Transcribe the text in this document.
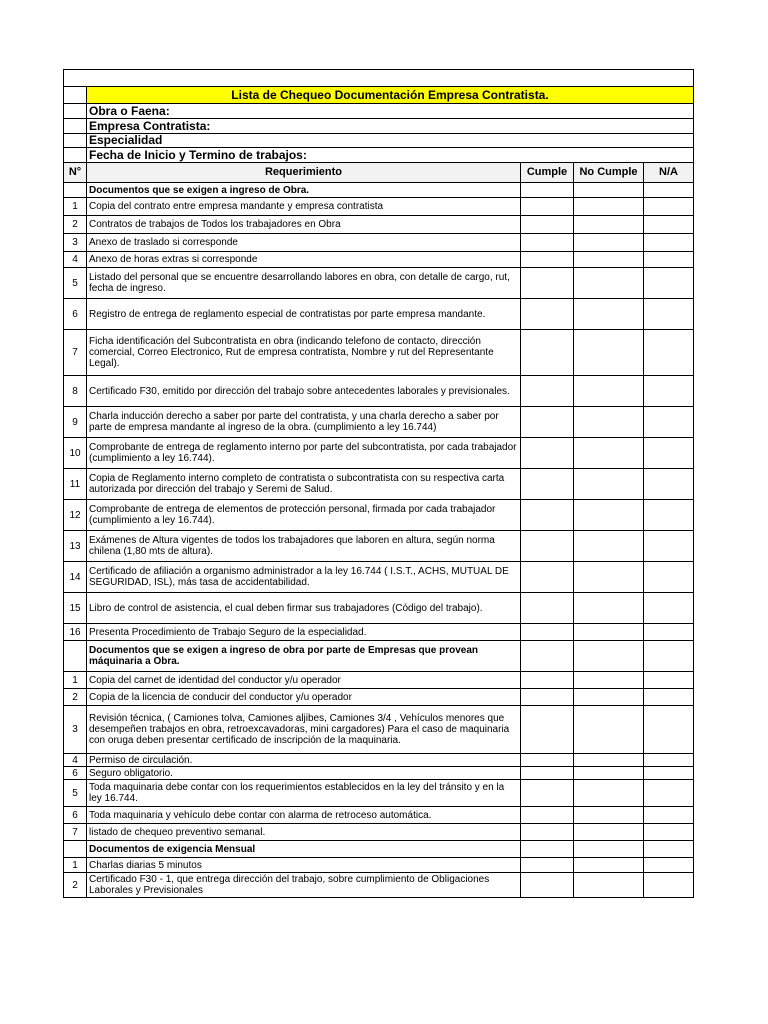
	Lista de Chequeo Documentación Empresa Contratista.			
	Obra o Faena:			
	Empresa Contratista:			
	Especialidad			
	Fecha de Inicio y Termino de trabajos:			
N°	Requerimiento	Cumple	No Cumple	N/A
	Documentos que se exigen a ingreso de Obra.			
1	Copia del contrato entre empresa mandante y empresa contratista			
2	Contratos de trabajos de Todos los trabajadores en Obra			
3	Anexo de traslado si corresponde			
4	Anexo de horas extras si corresponde			
5	Listado del personal que se encuentre desarrollando labores en obra, con detalle de cargo, rut, fecha de ingreso.			
6	Registro de entrega de reglamento especial de contratistas por parte empresa mandante.			
7	Ficha identificación del Subcontratista en obra (indicando telefono de contacto, dirección comercial, Correo Electronico, Rut de empresa contratista, Nombre y rut del Representante Legal).			
8	Certificado F30, emitido por dirección del trabajo sobre antecedentes laborales y previsionales.			
9	Charla inducción derecho a saber por parte del contratista, y una charla derecho a saber por parte de empresa mandante al ingreso de la obra. (cumplimiento a ley 16.744)			
10	Comprobante de entrega de reglamento interno por parte del subcontratista, por cada trabajador (cumplimiento a ley 16.744).			
11	Copia de Reglamento interno completo de contratista o subcontratista con su respectiva carta autorizada por dirección del trabajo y Seremi de Salud.			
12	Comprobante de entrega de elementos de protección personal, firmada por cada trabajador (cumplimiento a ley 16.744).			
13	Exámenes de Altura vigentes de todos los trabajadores que laboren en altura, según norma chilena (1,80 mts de altura).			
14	Certificado de afiliación a organismo administrador a la ley 16.744 ( I.S.T., ACHS, MUTUAL DE SEGURIDAD, ISL), más tasa de accidentabilidad.			
15	Libro de control de asistencia, el cual deben firmar sus trabajadores (Código del trabajo).			
16	Presenta Procedimiento de Trabajo Seguro de la especialidad.			
	Documentos que se exigen a ingreso de obra por parte de Empresas que provean máquinaria a Obra.			
1	Copia del carnet de identidad del conductor y/u operador			
2	Copia de la licencia de conducir del conductor y/u operador			
3	Revisión técnica, ( Camiones tolva, Camiones aljibes, Camiones 3/4 , Vehículos menores que desempeñen trabajos en obra, retroexcavadoras, mini cargadores) Para el caso de maquinaria con oruga deben presentar certificado de inscripción de la maquinaria.			
4	Permiso de circulación.			
6	Seguro obligatorio.			
5	Toda maquinaria debe contar con los requerimientos establecidos en la ley del tránsito y en la ley 16.744.			
6	Toda maquinaria y vehículo debe contar con alarma de retroceso automática.			
7	listado de chequeo preventivo semanal.			
	Documentos de exigencia Mensual			
1	Charlas diarias 5 minutos			
2	Certificado F30 - 1, que entrega dirección del trabajo, sobre cumplimiento de Obligaciones Laborales y Previsionales			
